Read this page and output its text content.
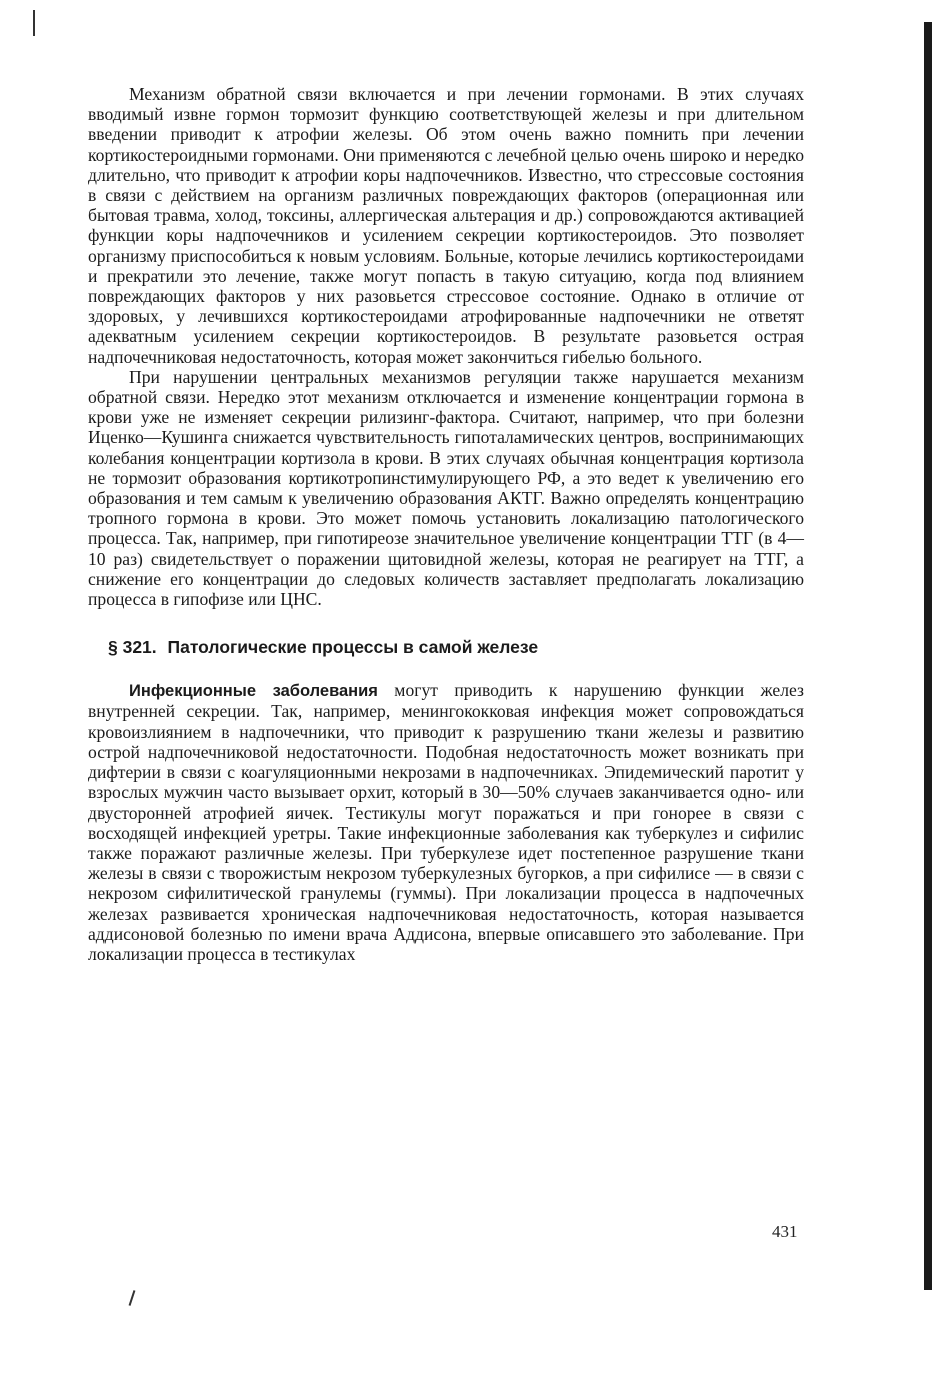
Механизм обратной связи включается и при лечении гормонами. В этих случаях вводимый извне гормон тормозит функцию соответствующей железы и при длительном введении приводит к атрофии железы. Об этом очень важно помнить при лечении кортикостероидными гормонами. Они применяются с лечебной целью очень широко и нередко длительно, что приводит к атрофии коры надпочечников. Известно, что стрессовые состояния в связи с действием на организм различных повреждающих факторов (операционная или бытовая травма, холод, токсины, аллергическая альтерация и др.) сопровождаются активацией функции коры надпочечников и усилением секреции кортикостероидов. Это позволяет организму приспособиться к новым условиям. Больные, которые лечились кортикостероидами и прекратили это лечение, также могут попасть в такую ситуацию, когда под влиянием повреждающих факторов у них разовьется стрессовое состояние. Однако в отличие от здоровых, у лечившихся кортикостероидами атрофированные надпочечники не ответят адекватным усилением секреции кортикостероидов. В результате разовьется острая надпочечниковая недостаточность, которая может закончиться гибелью больного.

При нарушении центральных механизмов регуляции также нарушается механизм обратной связи. Нередко этот механизм отключается и изменение концентрации гормона в крови уже не изменяет секреции рилизинг-фактора. Считают, например, что при болезни Иценко—Кушинга снижается чувствительность гипоталамических центров, воспринимающих колебания концентрации кортизола в крови. В этих случаях обычная концентрация кортизола не тормозит образования кортикотропинстимулирующего РФ, а это ведет к увеличению его образования и тем самым к увеличению образования АКТГ. Важно определять концентрацию тропного гормона в крови. Это может помочь установить локализацию патологического процесса. Так, например, при гипотиреозе значительное увеличение концентрации ТТГ (в 4—10 раз) свидетельствует о поражении щитовидной железы, которая не реагирует на ТТГ, а снижение его концентрации до следовых количеств заставляет предполагать локализацию процесса в гипофизе или ЦНС.

§ 321. Патологические процессы в самой железе

Инфекционные заболевания могут приводить к нарушению функции желез внутренней секреции. Так, например, менингококковая инфекция может сопровождаться кровоизлиянием в надпочечники, что приводит к разрушению ткани железы и развитию острой надпочечниковой недостаточности. Подобная недостаточность может возникать при дифтерии в связи с коагуляционными некрозами в надпочечниках. Эпидемический паротит у взрослых мужчин часто вызывает орхит, который в 30—50% случаев заканчивается одно- или двусторонней атрофией яичек. Тестикулы могут поражаться и при гонорее в связи с восходящей инфекцией уретры. Такие инфекционные заболевания как туберкулез и сифилис также поражают различные железы. При туберкулезе идет постепенное разрушение ткани железы в связи с творожистым некрозом туберкулезных бугорков, а при сифилисе — в связи с некрозом сифилитической гранулемы (гуммы). При локализации процесса в надпочечных железах развивается хроническая надпочечниковая недостаточность, которая называется аддисоновой болезнью по имени врача Аддисона, впервые описавшего это заболевание. При локализации процесса в тестикулах

431
